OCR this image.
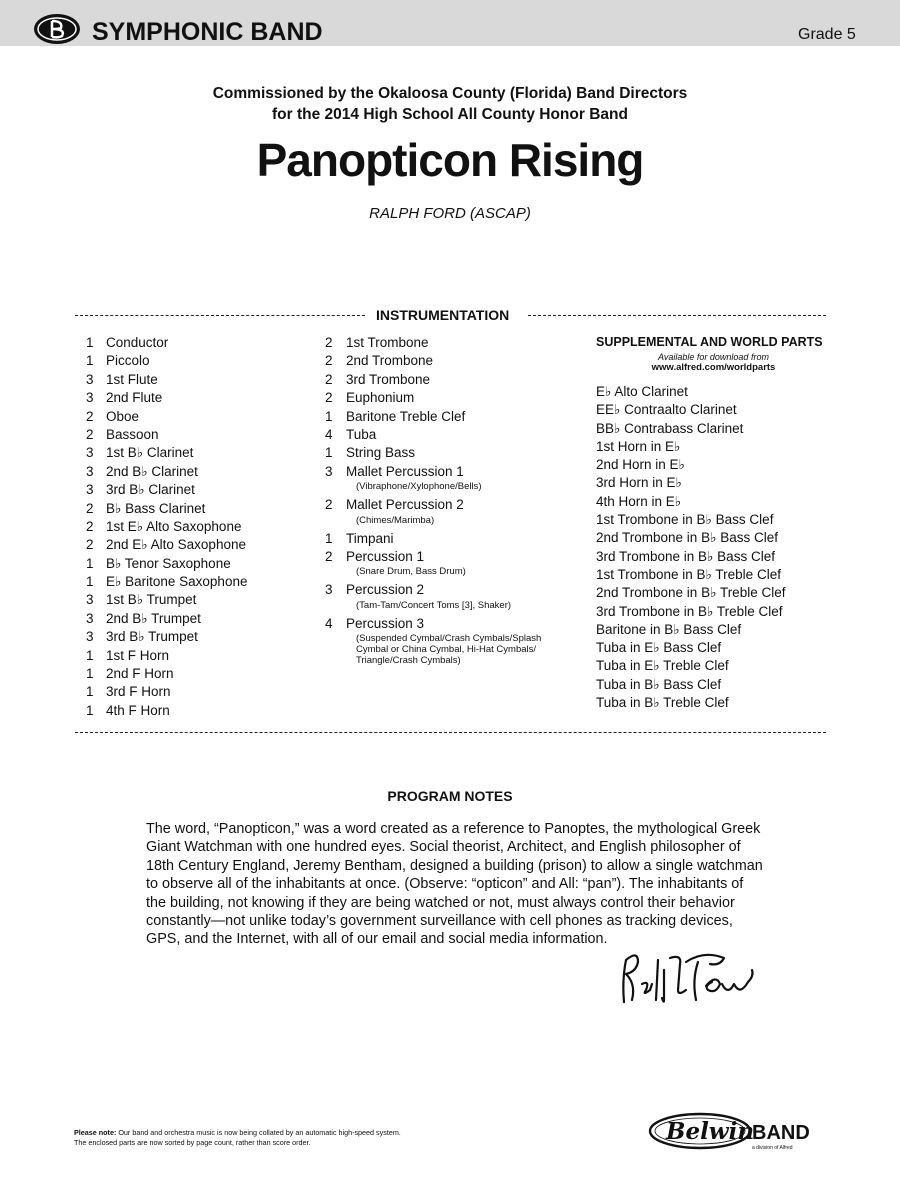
SYMPHONIC BAND	Grade 5
Commissioned by the Okaloosa County (Florida) Band Directors
for the 2014 High School All County Honor Band
Panopticon Rising
RALPH FORD (ASCAP)
INSTRUMENTATION
1 Conductor
1 Piccolo
3 1st Flute
3 2nd Flute
2 Oboe
2 Bassoon
3 1st B♭ Clarinet
3 2nd B♭ Clarinet
3 3rd B♭ Clarinet
2 B♭ Bass Clarinet
2 1st E♭ Alto Saxophone
2 2nd E♭ Alto Saxophone
1 B♭ Tenor Saxophone
1 E♭ Baritone Saxophone
3 1st B♭ Trumpet
3 2nd B♭ Trumpet
3 3rd B♭ Trumpet
1 1st F Horn
1 2nd F Horn
1 3rd F Horn
1 4th F Horn
2 1st Trombone
2 2nd Trombone
2 3rd Trombone
2 Euphonium
1 Baritone Treble Clef
4 Tuba
1 String Bass
3 Mallet Percussion 1
(Vibraphone/Xylophone/Bells)
2 Mallet Percussion 2
(Chimes/Marimba)
1 Timpani
2 Percussion 1
(Snare Drum, Bass Drum)
3 Percussion 2
(Tam-Tam/Concert Toms [3], Shaker)
4 Percussion 3
(Suspended Cymbal/Crash Cymbals/Splash
Cymbal or China Cymbal, Hi-Hat Cymbals/
Triangle/Crash Cymbals)
SUPPLEMENTAL AND WORLD PARTS
Available for download from
www.alfred.com/worldparts
E♭ Alto Clarinet
EE♭ Contraalto Clarinet
BB♭ Contrabass Clarinet
1st Horn in E♭
2nd Horn in E♭
3rd Horn in E♭
4th Horn in E♭
1st Trombone in B♭ Bass Clef
2nd Trombone in B♭ Bass Clef
3rd Trombone in B♭ Bass Clef
1st Trombone in B♭ Treble Clef
2nd Trombone in B♭ Treble Clef
3rd Trombone in B♭ Treble Clef
Baritone in B♭ Bass Clef
Tuba in E♭ Bass Clef
Tuba in E♭ Treble Clef
Tuba in B♭ Bass Clef
Tuba in B♭ Treble Clef
PROGRAM NOTES
The word, “Panopticon,” was a word created as a reference to Panoptes, the mythological Greek
Giant Watchman with one hundred eyes. Social theorist, Architect, and English philosopher of
18th Century England, Jeremy Bentham, designed a building (prison) to allow a single watchman
to observe all of the inhabitants at once. (Observe: “opticon” and All: “pan”). The inhabitants of
the building, not knowing if they are being watched or not, must always control their behavior
constantly—not unlike today’s government surveillance with cell phones as tracking devices,
GPS, and the Internet, with all of our email and social media information.
Please note: Our band and orchestra music is now being collated by an automatic high-speed system.
The enclosed parts are now sorted by page count, rather than score order.	Belwin
BAND
a division of Alfred
